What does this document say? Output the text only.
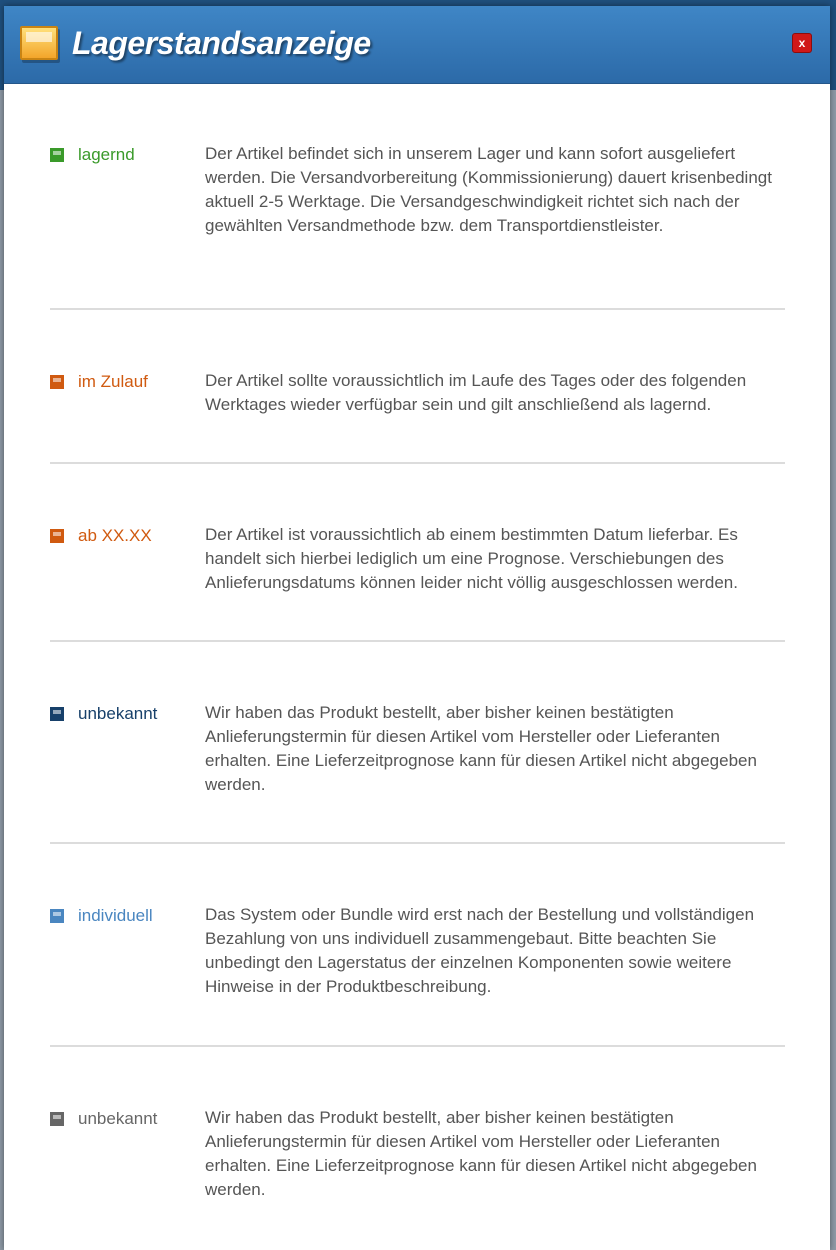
Lagerstandsanzeige	x
lagernd	Der Artikel befindet sich in unserem Lager und kann sofort ausgeliefert werden. Die Versandvorbereitung (Kommissionierung) dauert krisenbedingt aktuell 2-5 Werktage. Die Versandgeschwindigkeit richtet sich nach der gewählten Versandmethode bzw. dem Transportdienstleister.
im Zulauf	Der Artikel sollte voraussichtlich im Laufe des Tages oder des folgenden Werktages wieder verfügbar sein und gilt anschließend als lagernd.
ab XX.XX	Der Artikel ist voraussichtlich ab einem bestimmten Datum lieferbar. Es handelt sich hierbei lediglich um eine Prognose. Verschiebungen des Anlieferungsdatums können leider nicht völlig ausgeschlossen werden.
unbekannt	Wir haben das Produkt bestellt, aber bisher keinen bestätigten Anlieferungstermin für diesen Artikel vom Hersteller oder Lieferanten erhalten. Eine Lieferzeitprognose kann für diesen Artikel nicht abgegeben werden.
individuell	Das System oder Bundle wird erst nach der Bestellung und vollständigen Bezahlung von uns individuell zusammengebaut. Bitte beachten Sie unbedingt den Lagerstatus der einzelnen Komponenten sowie weitere Hinweise in der Produktbeschreibung.
unbekannt	Wir haben das Produkt bestellt, aber bisher keinen bestätigten Anlieferungstermin für diesen Artikel vom Hersteller oder Lieferanten erhalten. Eine Lieferzeitprognose kann für diesen Artikel nicht abgegeben werden.
